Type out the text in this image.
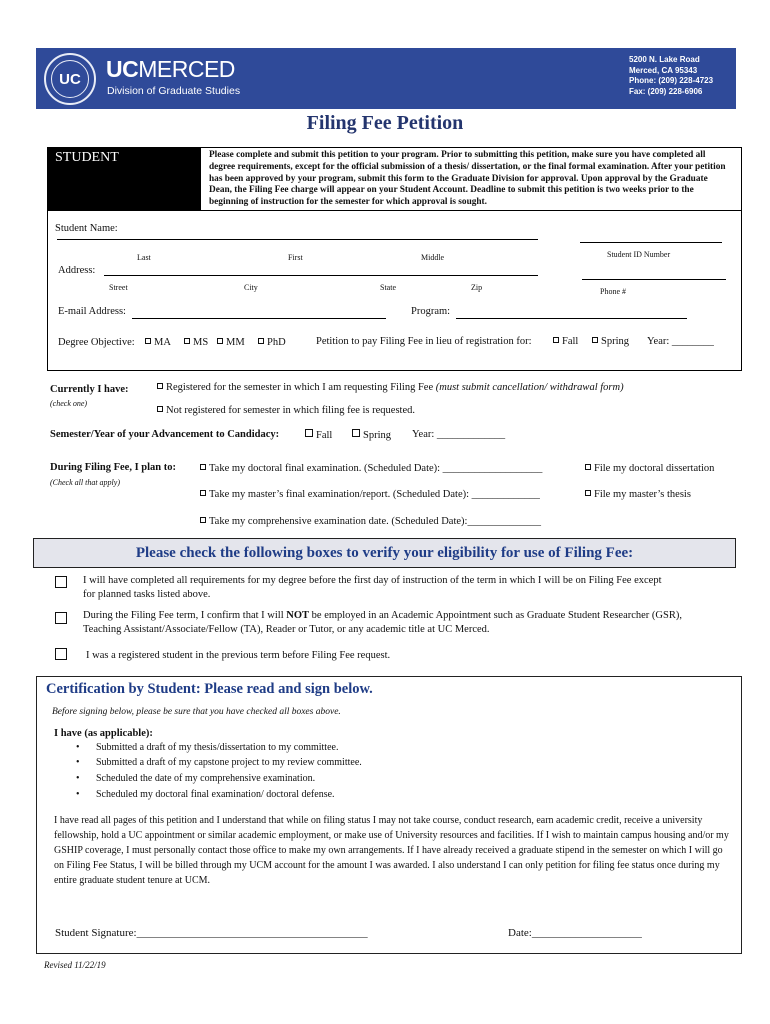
UC	UCMERCED
Division of Graduate Studies
5200 N. Lake Road
Merced, CA 95343
Phone: (209) 228-4723
Fax: (209) 228-6906
Filing Fee Petition
STUDENT	Please complete and submit this petition to your program. Prior to submitting this petition, make sure you have completed all degree requirements, except for the official submission of a thesis/ dissertation, or the final formal examination. After your petition has been approved by your program, submit this form to the Graduate Division for approval. Upon approval by the Graduate Dean, the Filing Fee charge will appear on your Student Account. Deadline to submit this petition is two weeks prior to the beginning of instruction for the semester for which approval is sought.
Student Name:
Last	First	Middle	Student ID Number
Address:
Street	City	State	Zip	Phone #
E-mail Address:	Program:
Degree Objective:	MA	MS	MM	PhD	Petition to pay Filing Fee in lieu of registration for:	Fall	Spring Year: ________
Currently I have:
(check one)
Registered for the semester in which I am requesting Filing Fee (must submit cancellation/ withdrawal form)
Not registered for semester in which filing fee is requested.
Semester/Year of your Advancement to Candidacy:	Fall	Spring Year: _____________
During Filing Fee, I plan to:
(Check all that apply)
Take my doctoral final examination. (Scheduled Date): ___________________	File my doctoral dissertation
Take my master’s final examination/report. (Scheduled Date): _____________	File my master’s thesis
Take my comprehensive examination date. (Scheduled Date):______________
Please check the following boxes to verify your eligibility for use of Filing Fee:
I will have completed all requirements for my degree before the first day of instruction of the term in which I will be on Filing Fee except
for planned tasks listed above.
During the Filing Fee term, I confirm that I will NOT be employed in an Academic Appointment such as Graduate Student Researcher (GSR),
Teaching Assistant/Associate/Fellow (TA), Reader or Tutor, or any academic title at UC Merced.
I was a registered student in the previous term before Filing Fee request.
Certification by Student: Please read and sign below.
Before signing below, please be sure that you have checked all boxes above.
I have (as applicable):
• Submitted a draft of my thesis/dissertation to my committee.
• Submitted a draft of my capstone project to my review committee.
• Scheduled the date of my comprehensive examination.
• Scheduled my doctoral final examination/ doctoral defense.
I have read all pages of this petition and I understand that while on filing status I may not take course, conduct research, earn academic credit, receive a university fellowship, hold a UC appointment or similar academic employment, or make use of University resources and facilities. If I wish to maintain campus housing and/or my GSHIP coverage, I must personally contact those office to make my own arrangements. If I have already received a graduate stipend in the semester on which I will go on Filing Fee Status, I will be billed through my UCM account for the amount I was awarded. I also understand I can only petition for filing fee status once during my entire graduate student tenure at UCM.
Student Signature:__________________________________________	Date:____________________
Revised 11/22/19
